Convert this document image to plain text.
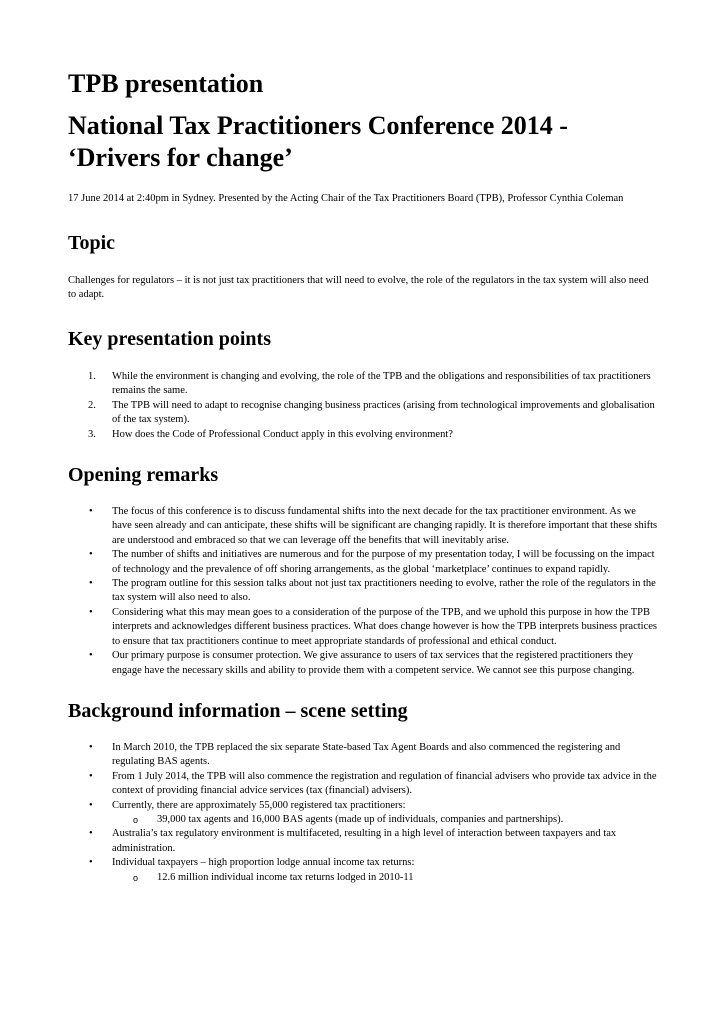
TPB presentation
National Tax Practitioners Conference 2014 - ‘Drivers for change’

17 June 2014 at 2:40pm in Sydney. Presented by the Acting Chair of the Tax Practitioners Board (TPB), Professor Cynthia Coleman

Topic

Challenges for regulators – it is not just tax practitioners that will need to evolve, the role of the regulators in the tax system will also need to adapt.

Key presentation points
1. While the environment is changing and evolving, the role of the TPB and the obligations and responsibilities of tax practitioners remains the same.
2. The TPB will need to adapt to recognise changing business practices (arising from technological improvements and globalisation of the tax system).
3. How does the Code of Professional Conduct apply in this evolving environment?
Opening remarks
• The focus of this conference is to discuss fundamental shifts into the next decade for the tax practitioner environment. As we have seen already and can anticipate, these shifts will be significant are changing rapidly. It is therefore important that these shifts are understood and embraced so that we can leverage off the benefits that will inevitably arise.
• The number of shifts and initiatives are numerous and for the purpose of my presentation today, I will be focussing on the impact of technology and the prevalence of off shoring arrangements, as the global ‘marketplace’ continues to expand rapidly.
• The program outline for this session talks about not just tax practitioners needing to evolve, rather the role of the regulators in the tax system will also need to also.
• Considering what this may mean goes to a consideration of the purpose of the TPB, and we uphold this purpose in how the TPB interprets and acknowledges different business practices. What does change however is how the TPB interprets business practices to ensure that tax practitioners continue to meet appropriate standards of professional and ethical conduct.
• Our primary purpose is consumer protection. We give assurance to users of tax services that the registered practitioners they engage have the necessary skills and ability to provide them with a competent service. We cannot see this purpose changing.
Background information – scene setting
• In March 2010, the TPB replaced the six separate State-based Tax Agent Boards and also commenced the registering and regulating BAS agents.
• From 1 July 2014, the TPB will also commence the registration and regulation of financial advisers who provide tax advice in the context of providing financial advice services (tax (financial) advisers).
• Currently, there are approximately 55,000 registered tax practitioners:
o 39,000 tax agents and 16,000 BAS agents (made up of individuals, companies and partnerships).
• Australia’s tax regulatory environment is multifaceted, resulting in a high level of interaction between taxpayers and tax administration.
• Individual taxpayers – high proportion lodge annual income tax returns:
o 12.6 million individual income tax returns lodged in 2010-11
